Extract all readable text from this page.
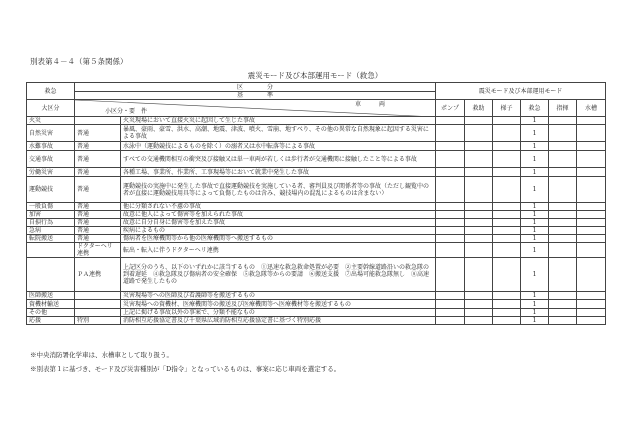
別表第４－４（第５条関係）
震災モード及び本部運用モード（救急）
救急	区　　　　分		震災モード及び本部運用モード					
	基　　　　準							
大区分	車　　　両
小区分・要　件		ポンプ	救助	梯子	救急	指揮	水槽
火災		火災現場において直接火災に起因して生じた事故				1		
自然災害	普通	暴風、豪雨、豪雪、洪水、高潮、地震、津波、噴火、雪崩、地すべり、その他の異常な自然現象に起因する災害による事故				1		
水難事故	普通	水泳中（運動競技によるものを除く）の溺者又は水中転落等による事故				1		
交通事故	普通	すべての交通機関相互の衝突及び接触又は単一車両が若しくは歩行者が交通機関に接触したこと等による事故				1		
労働災害	普通	各種工場、事業所、作業所、工事現場等において就業中発生した事故				1		
運動競技	普通	運動競技の実施中に発生した事故で直接運動競技を実施している者、審判員及び関係者等の事故（ただし観覧中の者が直接に運動競技用具等によって負傷したものは含み、競技場内の混乱によるものは含まない）				1		
一般負傷	普通	他に分類されない不慮の事故				1		
加害	普通	故意に他人によって傷害等を加えられた事故				1		
自損行為	普通	故意に自分自身に傷害等を加えた事故				1		
急病	普通	疾病によるもの				1		
転院搬送	普通	傷病者を医療機関等から他の医療機関等へ搬送するもの				1		
	ドクターヘリ連携	転出・転入に伴うドクターヘリ連携				1		
	ＰＡ連携	上記区分のうち、以下のいずれかに該当するもの　①迅速な救急救命処置が必要　②主要幹線道路沿いの救急隊の到着遅延　④救急隊及び傷病者の安全確保　⑤救急隊等からの要請　⑥搬送支援　⑦出場可能救急隊無し　⑧高速道路で発生したもの				1		
医師搬送		災害現場等への医師及び看護師等を搬送するもの				1		
資機材輸送		災害現場への資機材、医療機関等の搬送及び医療機関等へ医療機材等を搬送するもの				1		
その他		上記に掲げる事故以外の事案で、分類不能なもの				1		
応援	特別	消防相互応援協定書及び千葉県広域消防相互応援協定書に基づく特別応援				1		
※中央消防署化学車は、水槽車として取り扱う。
※別表第１に基づき、モード及び災害種別が「D指令」となっているものは、事案に応じ車両を選定する。
